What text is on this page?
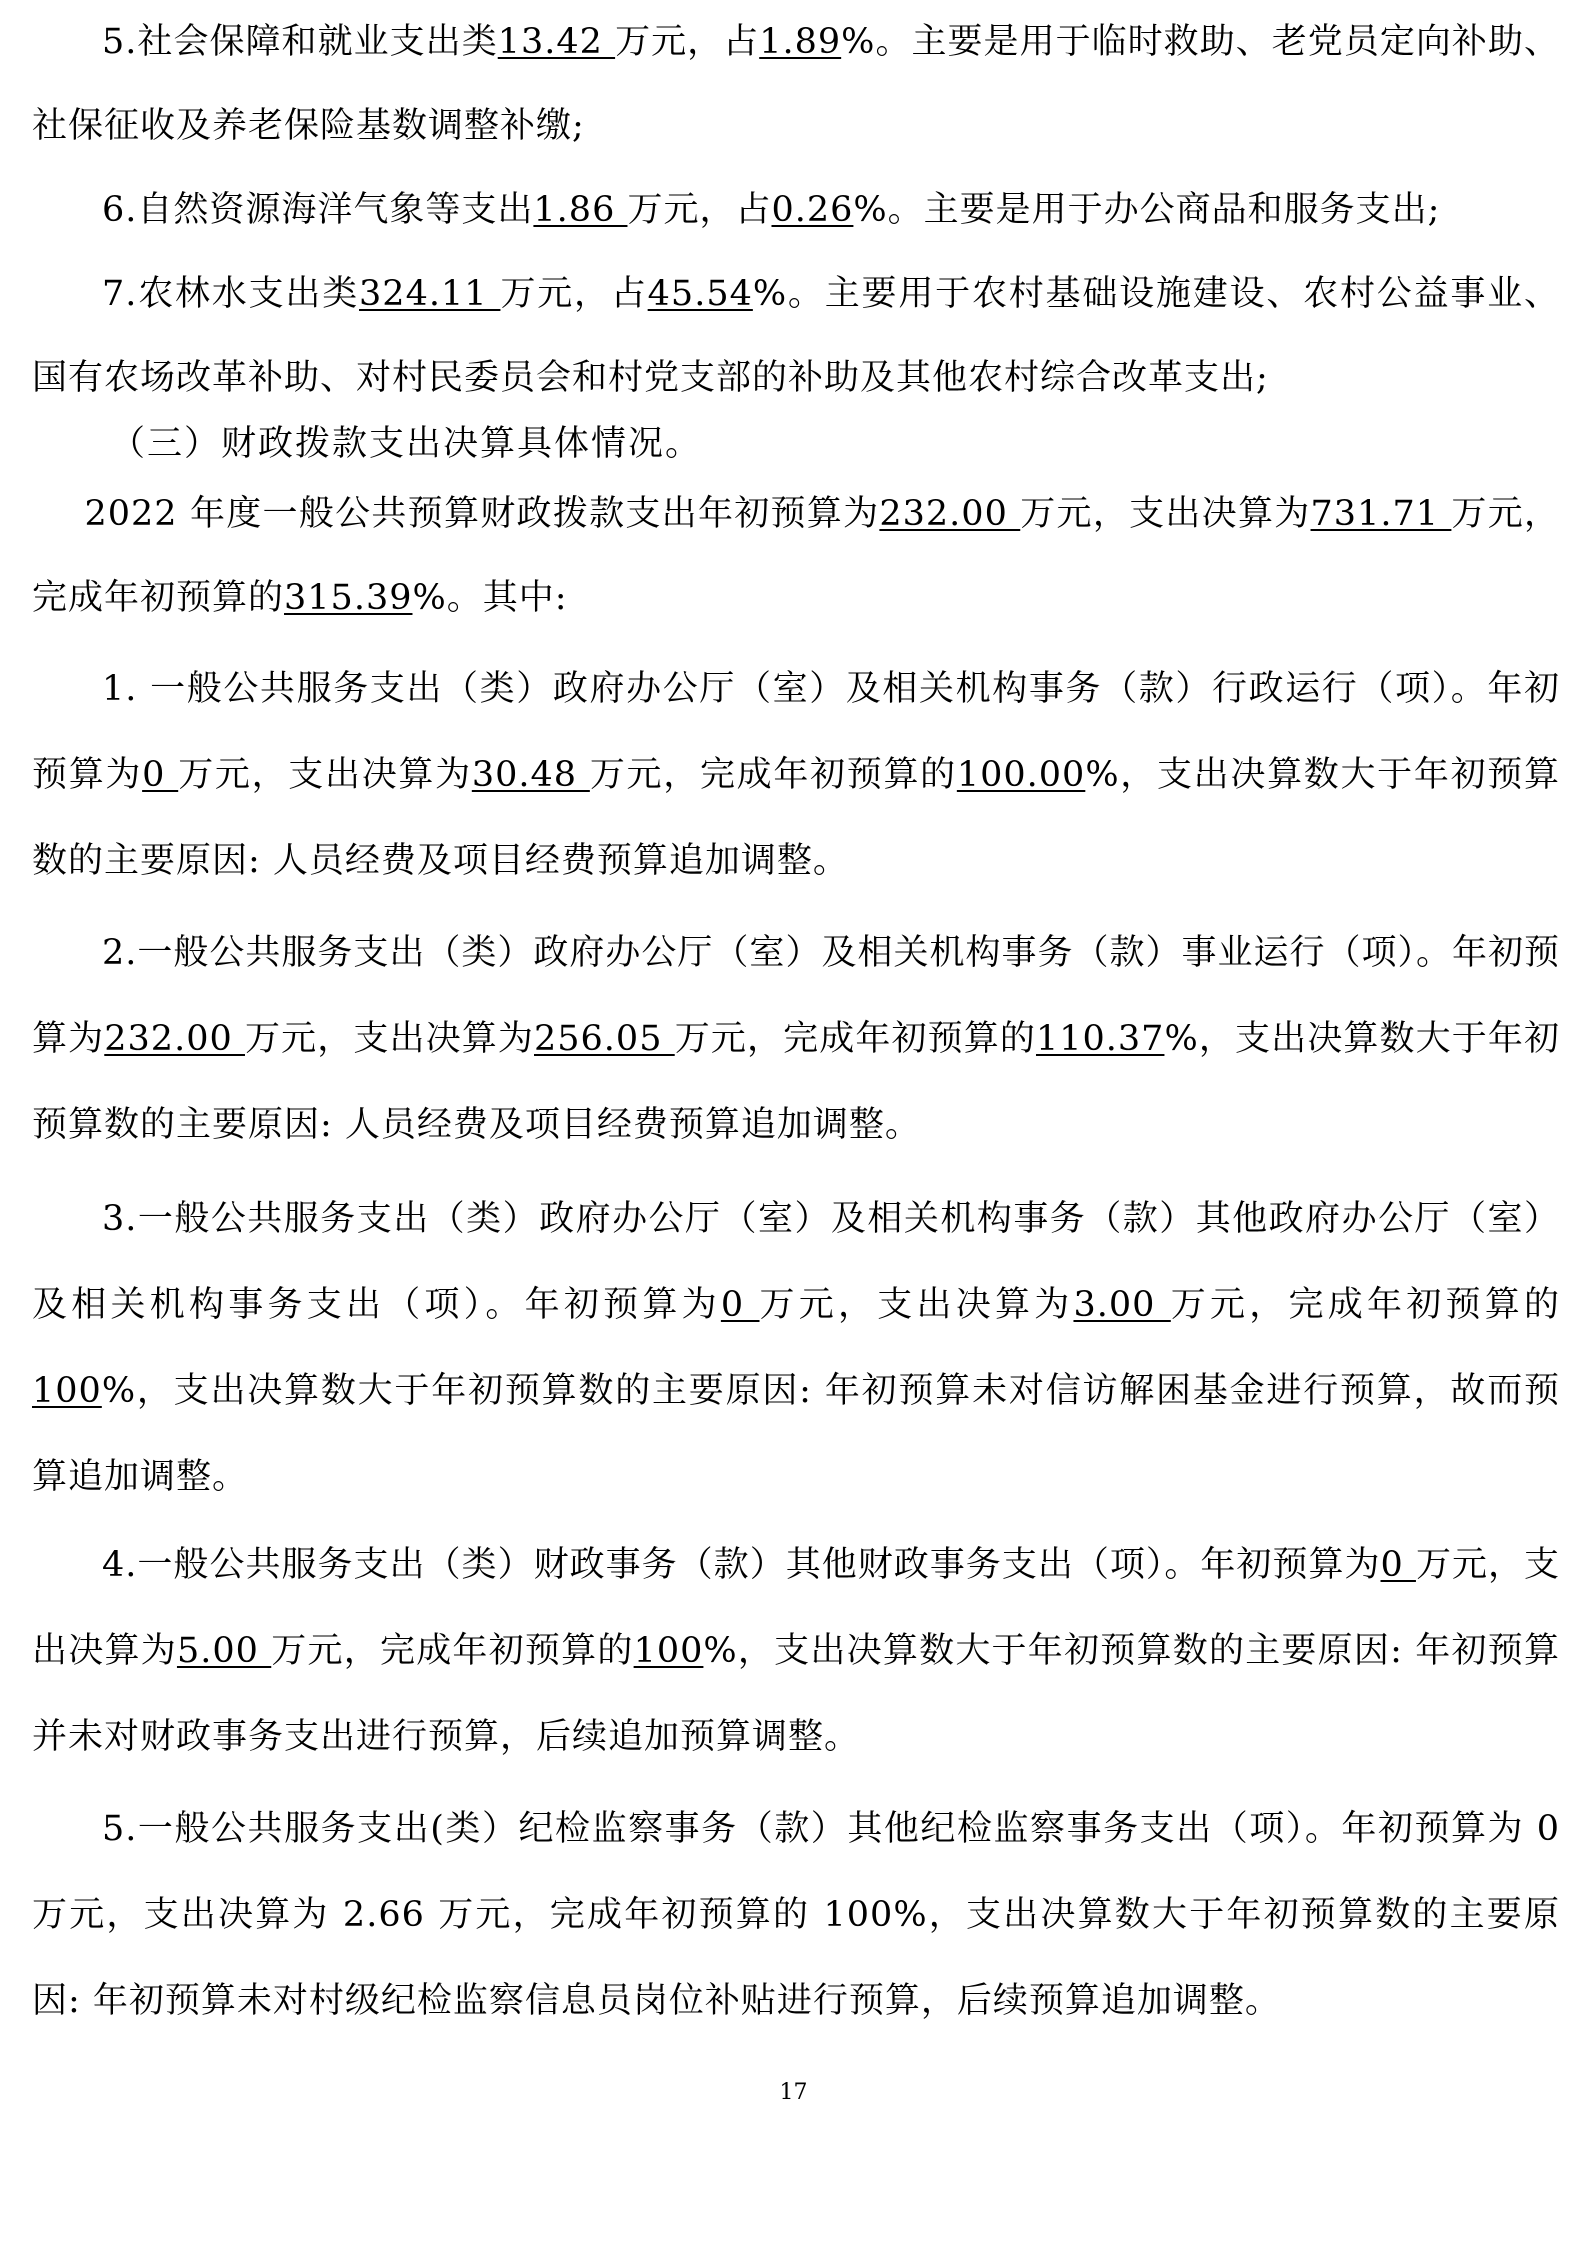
5.社会保障和就业支出类13.42 万元，占1.89%。主要是用于临时救助、老党员定向补助、社保征收及养老保险基数调整补缴;
6.自然资源海洋气象等支出1.86 万元，占0.26%。主要是用于办公商品和服务支出;
7.农林水支出类324.11 万元，占45.54%。主要用于农村基础设施建设、农村公益事业、国有农场改革补助、对村民委员会和村党支部的补助及其他农村综合改革支出;
（三）财政拨款支出决算具体情况。
2022 年度一般公共预算财政拨款支出年初预算为232.00 万元，支出决算为731.71 万元，完成年初预算的315.39%。其中:
1. 一般公共服务支出（类）政府办公厅（室）及相关机构事务（款）行政运行（项）。年初预算为0 万元，支出决算为30.48 万元，完成年初预算的100.00%，支出决算数大于年初预算数的主要原因: 人员经费及项目经费预算追加调整。
2.一般公共服务支出（类）政府办公厅（室）及相关机构事务（款）事业运行（项）。年初预算为232.00 万元，支出决算为256.05 万元，完成年初预算的110.37%，支出决算数大于年初预算数的主要原因: 人员经费及项目经费预算追加调整。
3.一般公共服务支出（类）政府办公厅（室）及相关机构事务（款）其他政府办公厅（室）及相关机构事务支出（项）。年初预算为0 万元，支出决算为3.00 万元，完成年初预算的100%，支出决算数大于年初预算数的主要原因: 年初预算未对信访解困基金进行预算，故而预算追加调整。
4.一般公共服务支出（类）财政事务（款）其他财政事务支出（项）。年初预算为0 万元，支出决算为5.00 万元，完成年初预算的100%，支出决算数大于年初预算数的主要原因: 年初预算并未对财政事务支出进行预算，后续追加预算调整。
5.一般公共服务支出(类）纪检监察事务（款）其他纪检监察事务支出（项）。年初预算为 0 万元，支出决算为 2.66 万元，完成年初预算的 100%，支出决算数大于年初预算数的主要原因: 年初预算未对村级纪检监察信息员岗位补贴进行预算，后续预算追加调整。
17
